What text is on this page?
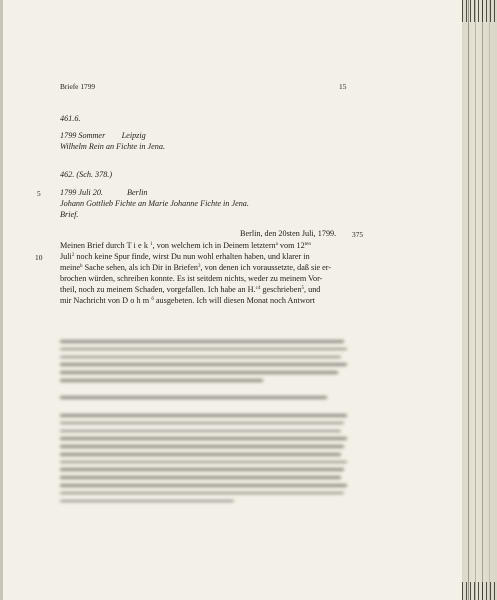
Briefe 1799	15
461.6.
1799 Sommer        Leipzig
Wilhelm Rein an Fichte in Jena.
462. (Sch. 378.)
5 1799 Juli 20.	Berlin
Johann Gottlieb Fichte an Marie Johanne Fichte in Jena.
Brief.
Berlin, den 20sten Juli, 1799. 375
Meinen Brief durch Tiek$^1$, von welchem ich in Deinem letztern$^a$ vom $12^{ten}$
10 Juli$^2$ noch keine Spur finde, wirst Du nun wohl erhalten haben, und klarer in
meine$^b$ Sache sehen, als ich Dir in Briefen$^3$, von denen ich voraussetzte, daß sie er-
brochen würden, schreiben konnte. Es ist seitdem nichts, weder zu meinem Vor-
theil, noch zu meinem Schaden, vorgefallen. Ich habe an H.$^{c4}$ geschrieben$^5$, und
mir Nachricht von Dohm$^6$ ausgebeten. Ich will diesen Monat noch Antwort
